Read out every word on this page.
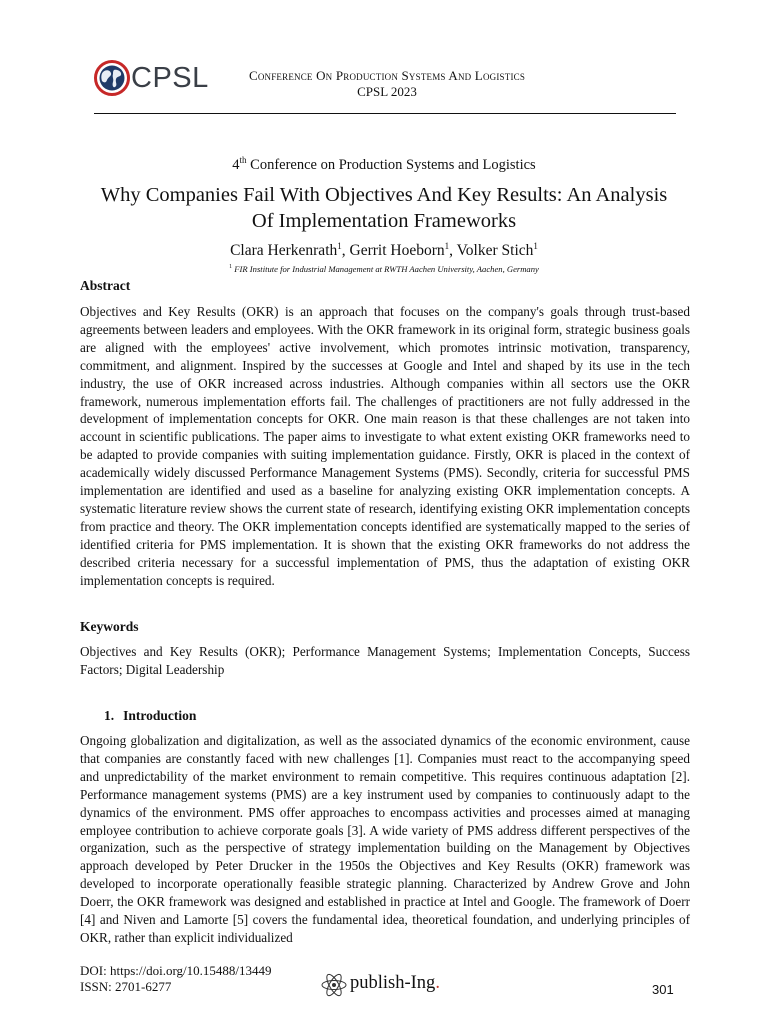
CPSL	Conference On Production Systems And Logistics
CPSL 2023
4th Conference on Production Systems and Logistics
Why Companies Fail With Objectives And Key Results: An Analysis
Of Implementation Frameworks
Clara Herkenrath$^1$, Gerrit Hoeborn$^1$, Volker Stich$^1$
$^1$ FIR Institute for Industrial Management at RWTH Aachen University, Aachen, Germany
Abstract
Objectives and Key Results (OKR) is an approach that focuses on the company's goals through trust-based agreements between leaders and employees. With the OKR framework in its original form, strategic business goals are aligned with the employees' active involvement, which promotes intrinsic motivation, transparency, commitment, and alignment. Inspired by the successes at Google and Intel and shaped by its use in the tech industry, the use of OKR increased across industries. Although companies within all sectors use the OKR framework, numerous implementation efforts fail. The challenges of practitioners are not fully addressed in the development of implementation concepts for OKR. One main reason is that these challenges are not taken into account in scientific publications. The paper aims to investigate to what extent existing OKR frameworks need to be adapted to provide companies with suiting implementation guidance. Firstly, OKR is placed in the context of academically widely discussed Performance Management Systems (PMS). Secondly, criteria for successful PMS implementation are identified and used as a baseline for analyzing existing OKR implementation concepts. A systematic literature review shows the current state of research, identifying existing OKR implementation concepts from practice and theory. The OKR implementation concepts identified are systematically mapped to the series of identified criteria for PMS implementation. It is shown that the existing OKR frameworks do not address the described criteria necessary for a successful implementation of PMS, thus the adaptation of existing OKR implementation concepts is required.
Keywords
Objectives and Key Results (OKR); Performance Management Systems; Implementation Concepts, Success Factors; Digital Leadership
1. Introduction
Ongoing globalization and digitalization, as well as the associated dynamics of the economic environment, cause that companies are constantly faced with new challenges [1]. Companies must react to the accompanying speed and unpredictability of the market environment to remain competitive. This requires continuous adaptation [2]. Performance management systems (PMS) are a key instrument used by companies to continuously adapt to the dynamics of the environment. PMS offer approaches to encompass activities and processes aimed at managing employee contribution to achieve corporate goals [3]. A wide variety of PMS address different perspectives of the organization, such as the perspective of strategy implementation building on the Management by Objectives approach developed by Peter Drucker in the 1950s the Objectives and Key Results (OKR) framework was developed to incorporate operationally feasible strategic planning. Characterized by Andrew Grove and John Doerr, the OKR framework was designed and established in practice at Intel and Google. The framework of Doerr [4] and Niven and Lamorte [5] covers the fundamental idea, theoretical foundation, and underlying principles of OKR, rather than explicit individualized
DOI: https://doi.org/10.15488/13449
ISSN: 2701-6277	publish-Ing.	301
